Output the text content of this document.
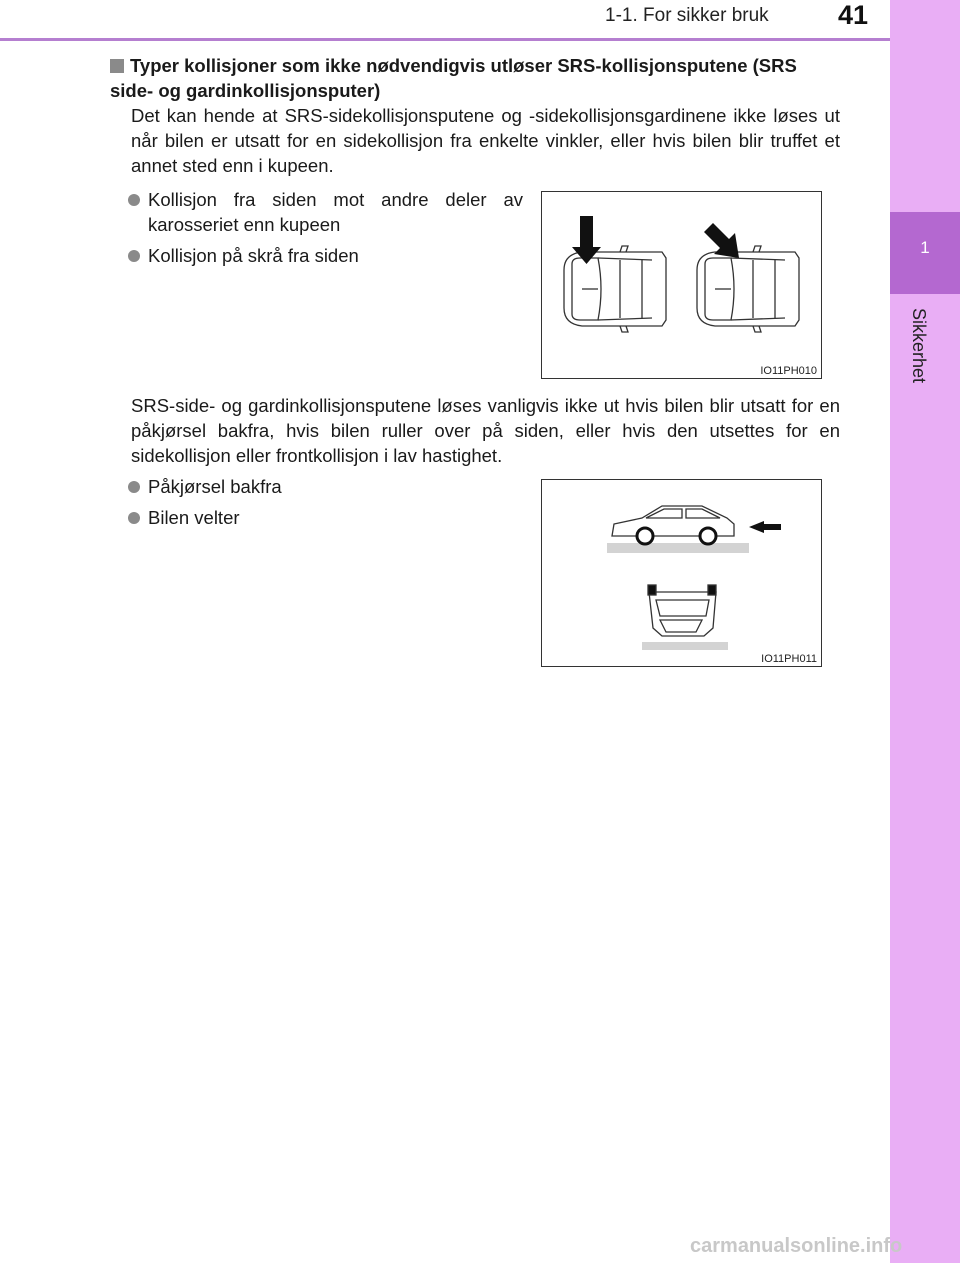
1-1. For sikker bruk	41
1
Sikkerhet
Typer kollisjoner som ikke nødvendigvis utløser SRS-kollisjonsputene (SRS side- og gardinkollisjonsputer)
Det kan hende at SRS-sidekollisjonsputene og -sidekollisjonsgardinene ikke løses ut når bilen er utsatt for en sidekollisjon fra enkelte vinkler, eller hvis bilen blir truffet et annet sted enn i kupeen.
Kollisjon fra siden mot andre deler av karosseriet enn kupeen
Kollisjon på skrå fra siden
IO11PH010
SRS-side- og gardinkollisjonsputene løses vanligvis ikke ut hvis bilen blir utsatt for en påkjørsel bakfra, hvis bilen ruller over på siden, eller hvis den utsettes for en sidekollisjon eller frontkollisjon i lav hastighet.
Påkjørsel bakfra
Bilen velter
IO11PH011
carmanualsonline.info
